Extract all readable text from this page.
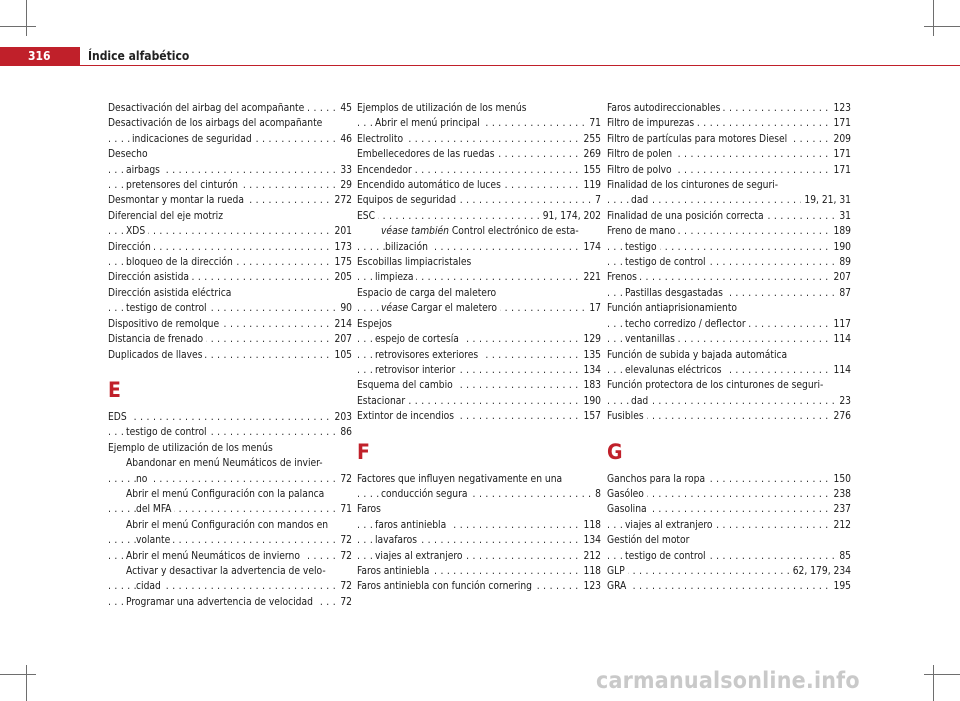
316	Índice alfabético
Desactivación del airbag del acompañante	45
. . .
Desactivación de los airbags del acompañante
indicaciones de seguridad	46
. . .
Desecho
airbags	33
. . .
pretensores del cinturón	29
. . .
Desmontar y montar la rueda	272
. . .
Diferencial del eje motriz
XDS	201
. . .
Dirección	173
. . .
bloqueo de la dirección	175
. . .
Dirección asistida	205
. . .
Dirección asistida eléctrica
testigo de control	90
. . .
Dispositivo de remolque	214
. . .
Distancia de frenado	207
. . .
Duplicados de llaves	105
. . .
E
EDS	203
. . .
testigo de control	86
. . .
Ejemplo de utilización de los menús
Abandonar en menú Neumáticos de invier-
no	72
. . .
Abrir el menú Configuración con la palanca
del MFA	71
. . .
Abrir el menú Configuración con mandos en
volante	72
. . .
Abrir el menú Neumáticos de invierno	72
. . .
Activar y desactivar la advertencia de velo-
cidad	72
. . .
Programar una advertencia de velocidad	72
. . .
Ejemplos de utilización de los menús
Abrir el menú principal	71
. . .
Electrolito	255
. . .
Embellecedores de las ruedas	269
. . .
Encendedor	155
. . .
Encendido automático de luces	119
. . .
Equipos de seguridad	7
. . .
ESC	91, 174, 202
. . .
véase también Control electrónico de esta-
bilización	174
. . .
Escobillas limpiacristales
limpieza	221
. . .
Espacio de carga del maletero
véase Cargar el maletero	17
. . .
Espejos
espejo de cortesía	129
. . .
retrovisores exteriores	135
. . .
retrovisor interior	134
. . .
Esquema del cambio	183
. . .
Estacionar	190
. . .
Extintor de incendios	157
. . .
F
Factores que influyen negativamente en una
conducción segura	8
. . .
Faros
faros antiniebla	118
. . .
lavafaros	134
. . .
viajes al extranjero	212
. . .
Faros antiniebla	118
. . .
Faros antiniebla con función cornering	123
. . .
Faros autodireccionables	123
. . .
Filtro de impurezas	171
. . .
Filtro de partículas para motores Diesel	209
. . .
Filtro de polen	171
. . .
Filtro de polvo	171
. . .
Finalidad de los cinturones de seguri-
dad	19, 21, 31
. . .
Finalidad de una posición correcta	31
. . .
Freno de mano	189
. . .
testigo	190
. . .
testigo de control	89
. . .
Frenos	207
. . .
Pastillas desgastadas	87
. . .
Función antiaprisionamiento
techo corredizo / deflector	117
. . .
ventanillas	114
. . .
Función de subida y bajada automática
elevalunas eléctricos	114
. . .
Función protectora de los cinturones de seguri-
dad	23
. . .
Fusibles	276
. . .
G
Ganchos para la ropa	150
. . .
Gasóleo	238
. . .
Gasolina	237
. . .
viajes al extranjero	212
. . .
Gestión del motor
testigo de control	85
. . .
GLP	62, 179, 234
. . .
GRA	195
. . .
carmanualsonline.info
